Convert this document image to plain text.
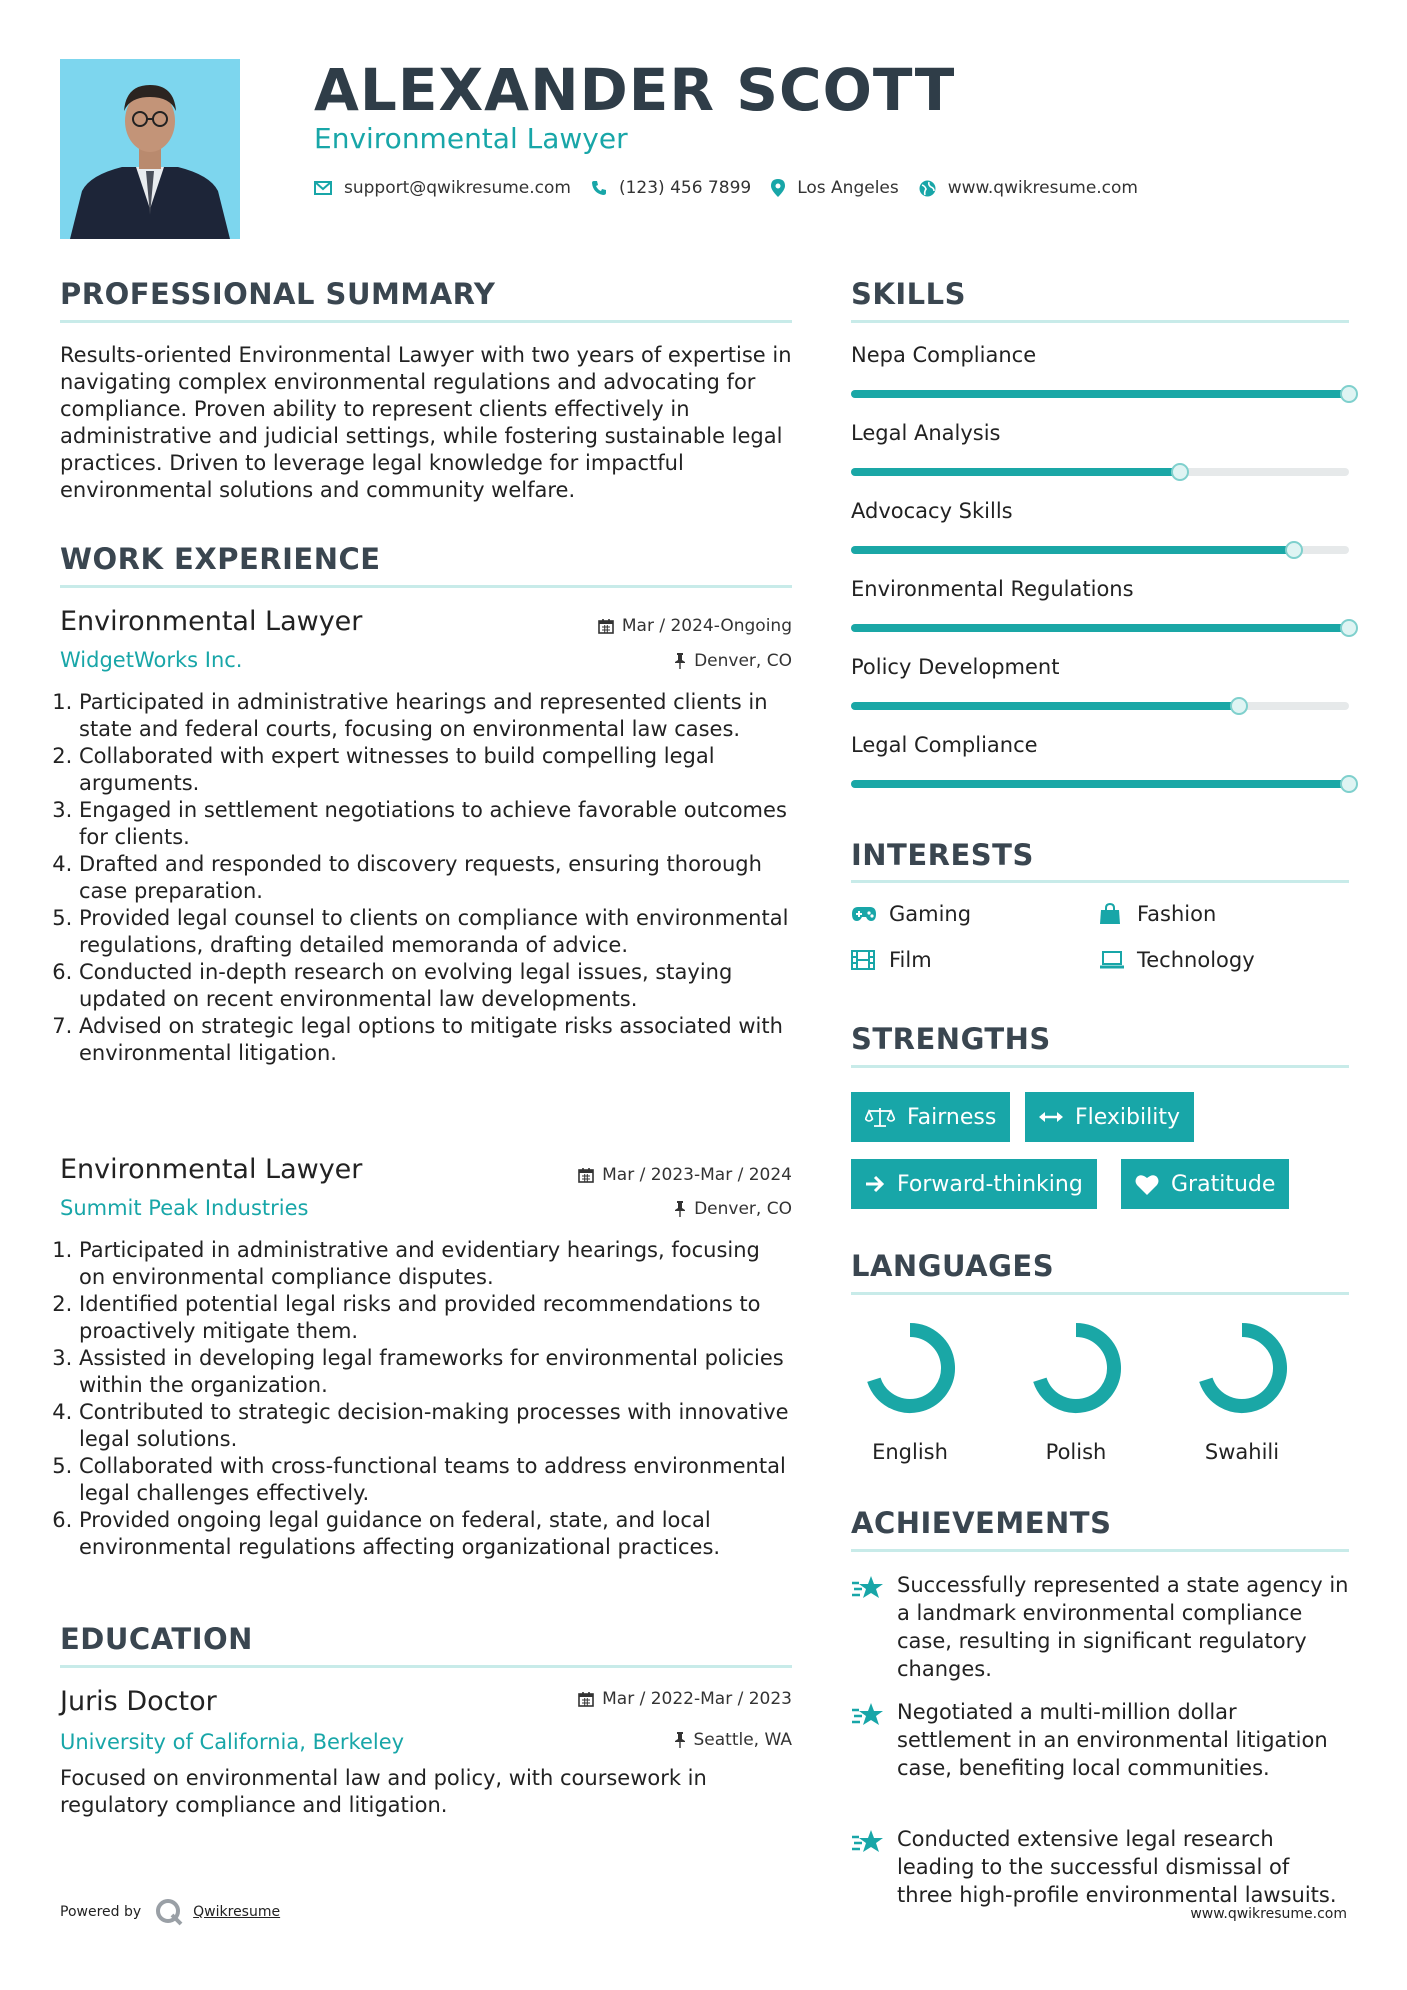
ALEXANDER SCOTT
Environmental Lawyer
support@qwikresume.com	(123) 456 7899	Los Angeles	www.qwikresume.com
PROFESSIONAL SUMMARY
Results-oriented Environmental Lawyer with two years of expertise in navigating complex environmental regulations and advocating for compliance. Proven ability to represent clients effectively in administrative and judicial settings, while fostering sustainable legal practices. Driven to leverage legal knowledge for impactful environmental solutions and community welfare.
WORK EXPERIENCE
Environmental Lawyer	Mar / 2024-Ongoing
WidgetWorks Inc.	Denver, CO
1. Participated in administrative hearings and represented clients in state and federal courts, focusing on environmental law cases.
2. Collaborated with expert witnesses to build compelling legal arguments.
3. Engaged in settlement negotiations to achieve favorable outcomes for clients.
4. Drafted and responded to discovery requests, ensuring thorough case preparation.
5. Provided legal counsel to clients on compliance with environmental regulations, drafting detailed memoranda of advice.
6. Conducted in-depth research on evolving legal issues, staying updated on recent environmental law developments.
7. Advised on strategic legal options to mitigate risks associated with environmental litigation.
Environmental Lawyer	Mar / 2023-Mar / 2024
Summit Peak Industries	Denver, CO
1. Participated in administrative and evidentiary hearings, focusing on environmental compliance disputes.
2. Identified potential legal risks and provided recommendations to proactively mitigate them.
3. Assisted in developing legal frameworks for environmental policies within the organization.
4. Contributed to strategic decision-making processes with innovative legal solutions.
5. Collaborated with cross-functional teams to address environmental legal challenges effectively.
6. Provided ongoing legal guidance on federal, state, and local environmental regulations affecting organizational practices.
EDUCATION
Juris Doctor	Mar / 2022-Mar / 2023
University of California, Berkeley	Seattle, WA
Focused on environmental law and policy, with coursework in regulatory compliance and litigation.
SKILLS
Nepa Compliance
Legal Analysis
Advocacy Skills
Environmental Regulations
Policy Development
Legal Compliance
INTERESTS
Gaming	Fashion
Film	Technology
STRENGTHS
Fairness	Flexibility
Forward-thinking	Gratitude
LANGUAGES
English	Polish	Swahili
ACHIEVEMENTS
Successfully represented a state agency in a landmark environmental compliance case, resulting in significant regulatory changes.
Negotiated a multi-million dollar settlement in an environmental litigation case, benefiting local communities.
Conducted extensive legal research leading to the successful dismissal of three high-profile environmental lawsuits.
Powered by	Qwikresume	www.qwikresume.com
